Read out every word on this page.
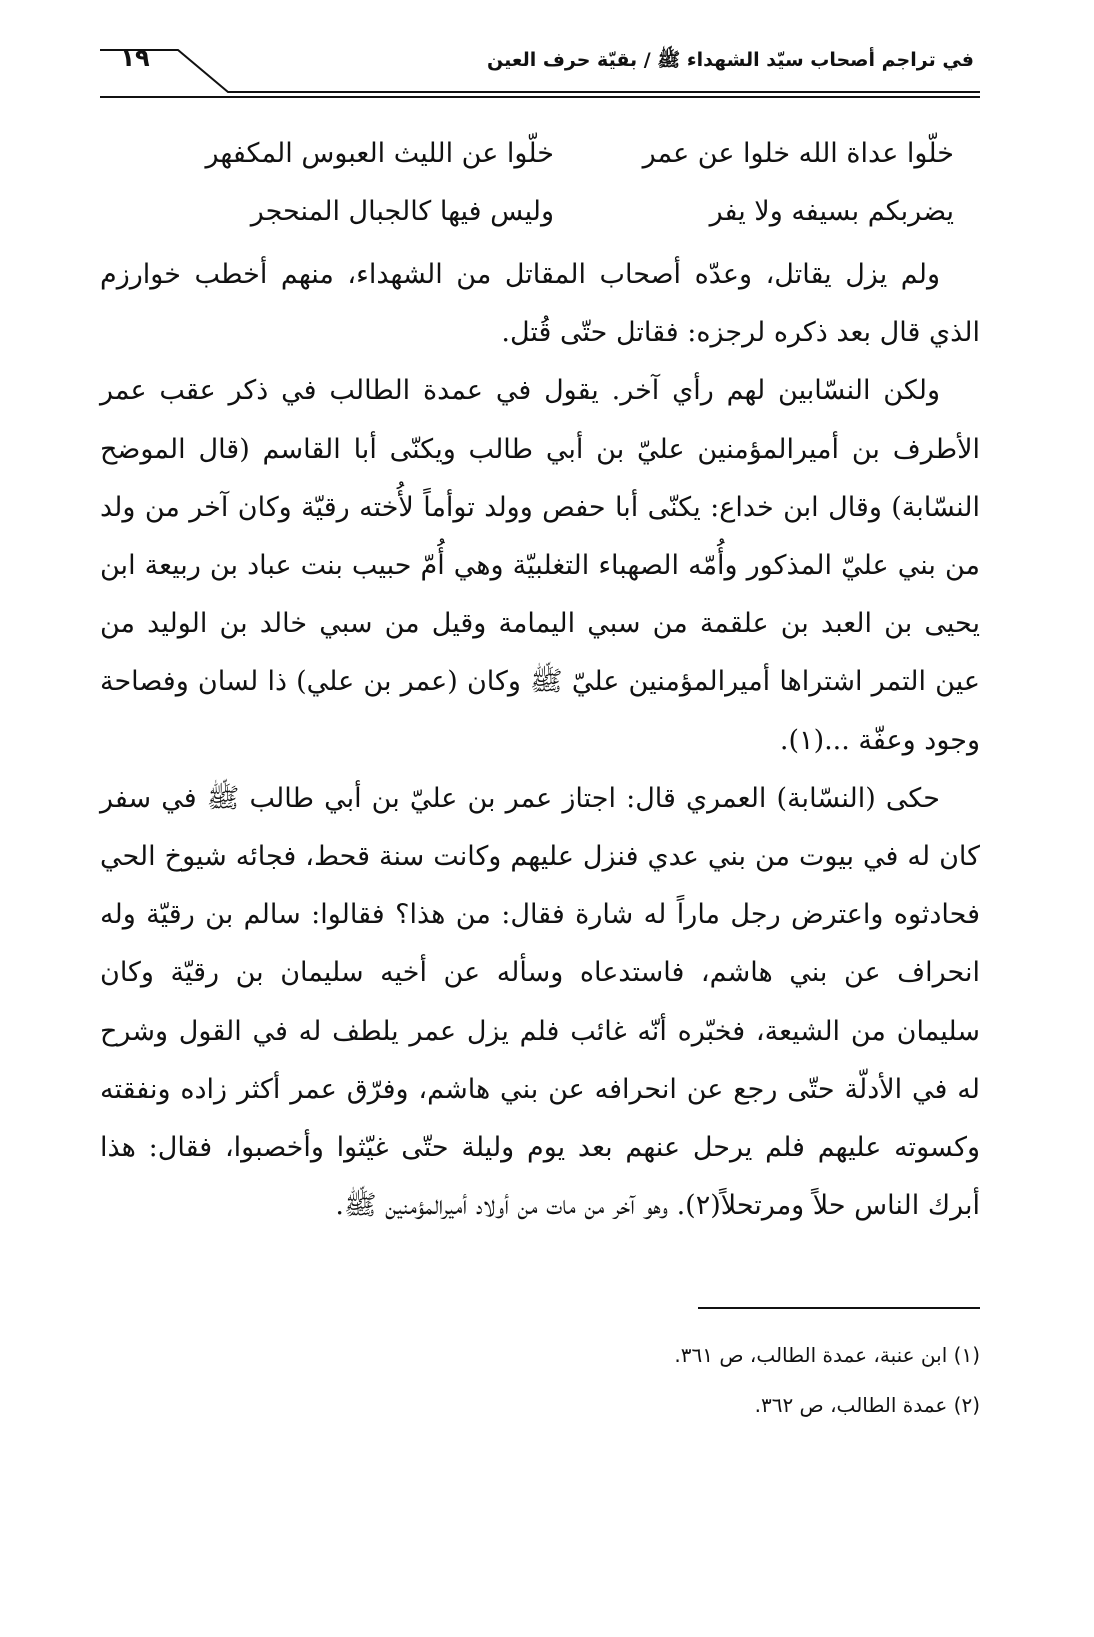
١٩	في تراجم أصحاب سيّد الشهداء ﷺ / بقيّة حرف العين
خلّوا عداة الله خلوا عن عمرخلّوا عن الليث العبوس المكفهر
يضربكم بسيفه ولا يفروليس فيها كالجبال المنحجر

ولم يزل يقاتل، وعدّه أصحاب المقاتل من الشهداء، منهم أخطب خوارزم الذي قال بعد ذكره لرجزه: فقاتل حتّى قُتل.

ولكن النسّابين لهم رأي آخر. يقول في عمدة الطالب في ذكر عقب عمر الأطرف بن أميرالمؤمنين عليّ بن أبي طالب ويكنّى أبا القاسم (قال الموضح النسّابة) وقال ابن خداع: يكنّى أبا حفص وولد توأماً لأُخته رقيّة وكان آخر من ولد من بني عليّ المذكور وأُمّه الصهباء التغلبيّة وهي أُمّ حبيب بنت عباد بن ربيعة ابن يحيى بن العبد بن علقمة من سبي اليمامة وقيل من سبي خالد بن الوليد من عين التمر اشتراها أميرالمؤمنين عليّ ﷺ وكان (عمر بن علي) ذا لسان وفصاحة وجود وعفّة ...(١).

حكى (النسّابة) العمري قال: اجتاز عمر بن عليّ بن أبي طالب ﷺ في سفر كان له في بيوت من بني عدي فنزل عليهم وكانت سنة قحط، فجائه شيوخ الحي فحادثوه واعترض رجل ماراً له شارة فقال: من هذا؟ فقالوا: سالم بن رقيّة وله انحراف عن بني هاشم، فاستدعاه وسأله عن أخيه سليمان بن رقيّة وكان سليمان من الشيعة، فخبّره أنّه غائب فلم يزل عمر يلطف له في القول وشرح له في الأدلّة حتّى رجع عن انحرافه عن بني هاشم، وفرّق عمر أكثر زاده ونفقته وكسوته عليهم فلم يرحل عنهم بعد يوم وليلة حتّى غيّثوا وأخصبوا، فقال: هذا أبرك الناس حلاً ومرتحلاً(٢). وهو آخر من مات من أولاد أميرالمؤمنين ﷺ.

(١) ابن عنبة، عمدة الطالب، ص ٣٦١.
(٢) عمدة الطالب، ص ٣٦٢.
